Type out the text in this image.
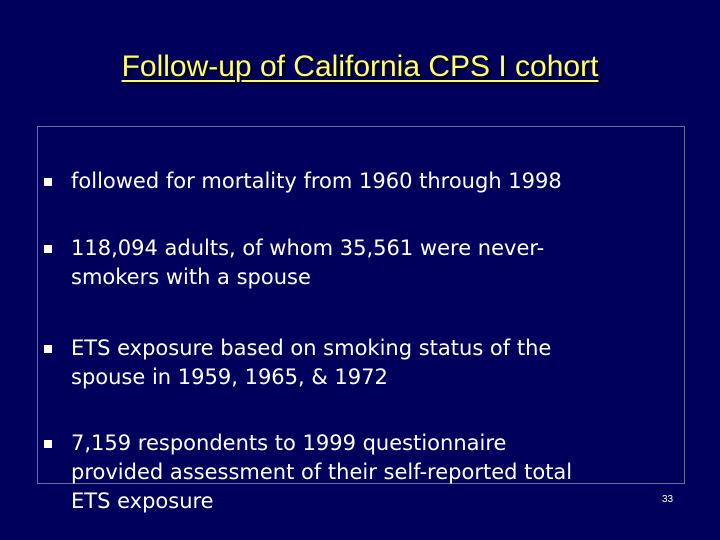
Follow-up of California CPS I cohort
followed for mortality from 1960 through 1998
118,094 adults, of whom 35,561 were never-
smokers with a spouse
ETS exposure based on smoking status of the
spouse in 1959, 1965, & 1972
7,159 respondents to 1999 questionnaire
provided assessment of their self-reported total
ETS exposure	33
